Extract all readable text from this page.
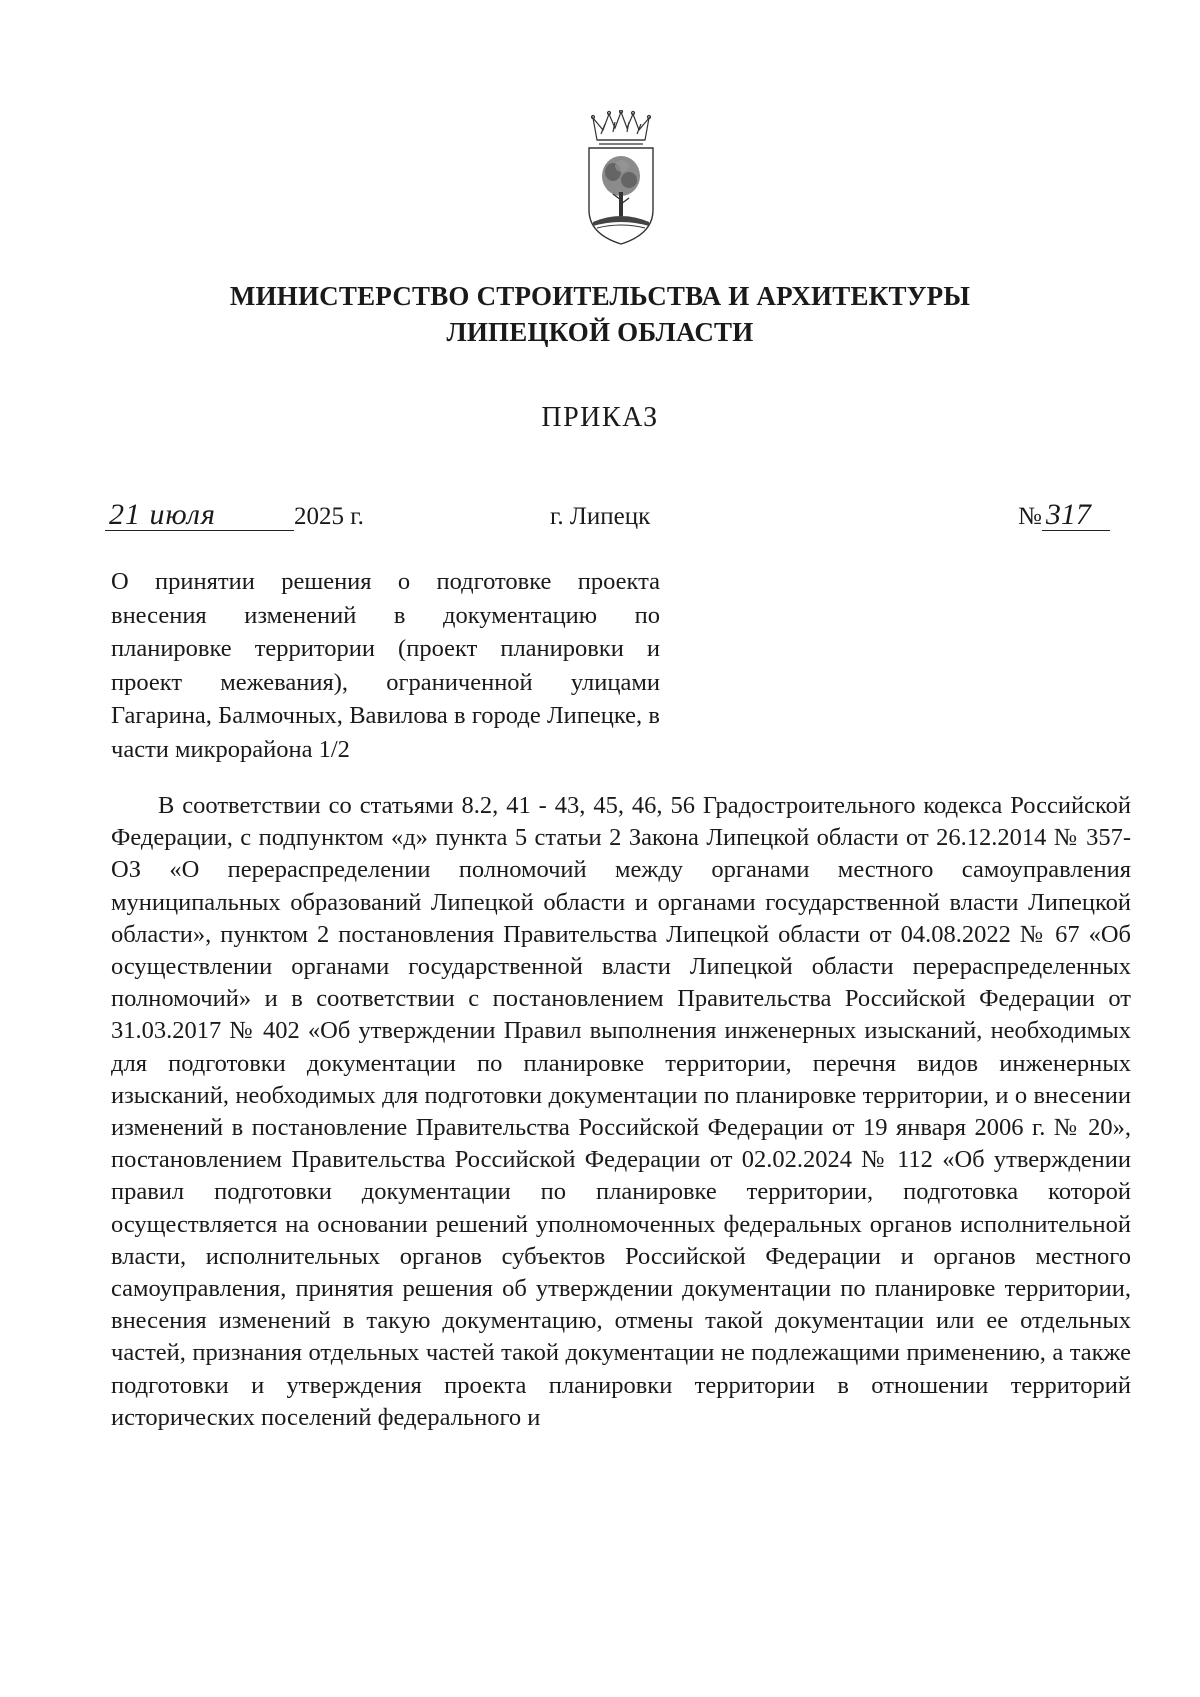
МИНИСТЕРСТВО СТРОИТЕЛЬСТВА И АРХИТЕКТУРЫ
ЛИПЕЦКОЙ ОБЛАСТИ
ПРИКАЗ
21 июля	2025 г.	г. Липецк	№ 317
О принятии решения о подготовке проекта внесения изменений в документацию по планировке территории (проект планировки и проект межевания), ограниченной улицами Гагарина, Балмочных, Вавилова в городе Липецке, в части микрорайона 1/2

В соответствии со статьями 8.2, 41 - 43, 45, 46, 56 Градостроительного кодекса Российской Федерации, с подпунктом «д» пункта 5 статьи 2 Закона Липецкой области от 26.12.2014 № 357-ОЗ «О перераспределении полномочий между органами местного самоуправления муниципальных образований Липецкой области и органами государственной власти Липецкой области», пунктом 2 постановления Правительства Липецкой области от 04.08.2022 № 67 «Об осуществлении органами государственной власти Липецкой области перераспределенных полномочий» и в соответствии с постановлением Правительства Российской Федерации от 31.03.2017 № 402 «Об утверждении Правил выполнения инженерных изысканий, необходимых для подготовки документации по планировке территории, перечня видов инженерных изысканий, необходимых для подготовки документации по планировке территории, и о внесении изменений в постановление Правительства Российской Федерации от 19 января 2006 г. № 20», постановлением Правительства Российской Федерации от 02.02.2024 № 112 «Об утверждении правил подготовки документации по планировке территории, подготовка которой осуществляется на основании решений уполномоченных федеральных органов исполнительной власти, исполнительных органов субъектов Российской Федерации и органов местного самоуправления, принятия решения об утверждении документации по планировке территории, внесения изменений в такую документацию, отмены такой документации или ее отдельных частей, признания отдельных частей такой документации не подлежащими применению, а также подготовки и утверждения проекта планировки территории в отношении территорий исторических поселений федерального и
